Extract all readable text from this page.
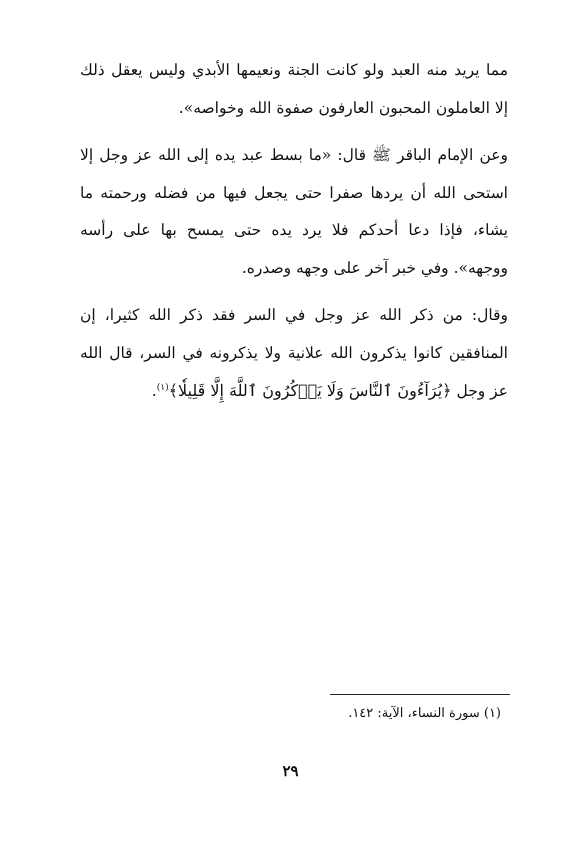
مما يريد منه العبد ولو كانت الجنة ونعيمها الأبدي وليس يعقل ذلك إلا العاملون المحبون العارفون صفوة الله وخواصه».

وعن الإمام الباقر ﷺ قال: «ما بسط عبد يده إلى الله عز وجل إلا استحى الله أن يردها صفرا حتى يجعل فيها من فضله ورحمته ما يشاء، فإذا دعا أحدكم فلا يرد يده حتى يمسح بها على رأسه ووجهه». وفي خبر آخر على وجهه وصدره.

وقال: من ذكر الله عز وجل في السر فقد ذكر الله كثيرا، إن المنافقين كانوا يذكرون الله علانية ولا يذكرونه في السر، قال الله عز وجل ﴿يُرَآءُونَ ٱلنَّاسَ وَلَا يَذۡكُرُونَ ٱللَّهَ إِلَّا قَلِيلٗا﴾$^{(١)}$.

(١) سورة النساء، الآية: ١٤٢.
٢٩
